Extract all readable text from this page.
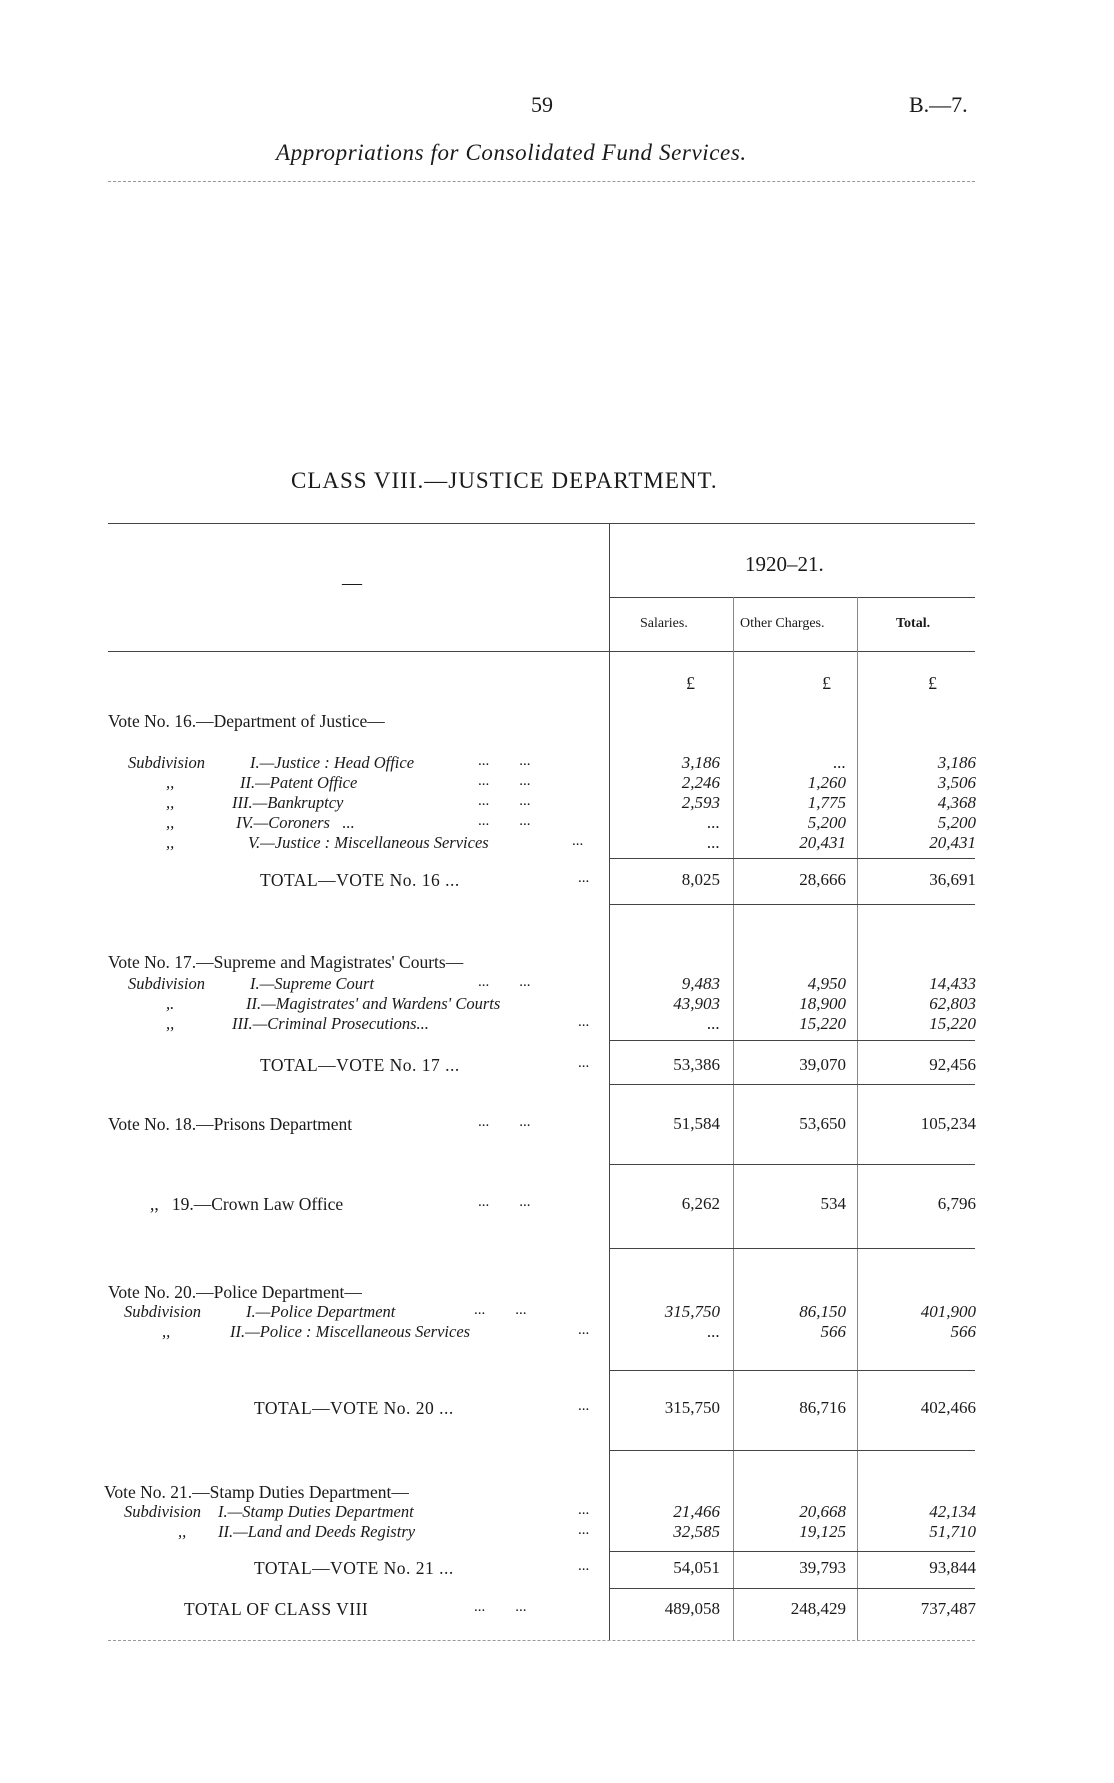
59	B.—7.
Appropriations for Consolidated Fund Services.
CLASS VIII.—JUSTICE DEPARTMENT.
—
1920–21.
Salaries.	Other Charges.	Total.
£	£	£
Vote No. 16.—Department of Justice—
Subdivision	I.—Justice : Head Office	...        ...	3,186	...	3,186
,,	II.—Patent Office	...        ...	2,246	1,260	3,506
,,	III.—Bankruptcy	...        ...	2,593	1,775	4,368
,,	IV.—Coroners   ...	...        ...	...	5,200	5,200
,,	V.—Justice : Miscellaneous Services	...	...	20,431	20,431
TOTAL—VOTE No. 16 ...	...	8,025	28,666	36,691
Vote No. 17.—Supreme and Magistrates' Courts—
Subdivision	I.—Supreme Court	...        ...	9,483	4,950	14,433
,.	II.—Magistrates' and Wardens' Courts	43,903	18,900	62,803
,,	III.—Criminal Prosecutions...	...	...	15,220	15,220
TOTAL—VOTE No. 17 ...	...	53,386	39,070	92,456
Vote No. 18.—Prisons Department	...        ...	51,584	53,650	105,234
,,   19.—Crown Law Office	...        ...	6,262	534	6,796
Vote No. 20.—Police Department—
Subdivision	I.—Police Department	...        ...	315,750	86,150	401,900
,,	II.—Police : Miscellaneous Services	...	...	566	566
TOTAL—VOTE No. 20 ...	...	315,750	86,716	402,466
Vote No. 21.—Stamp Duties Department—
Subdivision I.—Stamp Duties Department	...	21,466	20,668	42,134
,, II.—Land and Deeds Registry	...	32,585	19,125	51,710
TOTAL—VOTE No. 21 ...	...	54,051	39,793	93,844
TOTAL OF CLASS VIII	...        ...	489,058	248,429	737,487
